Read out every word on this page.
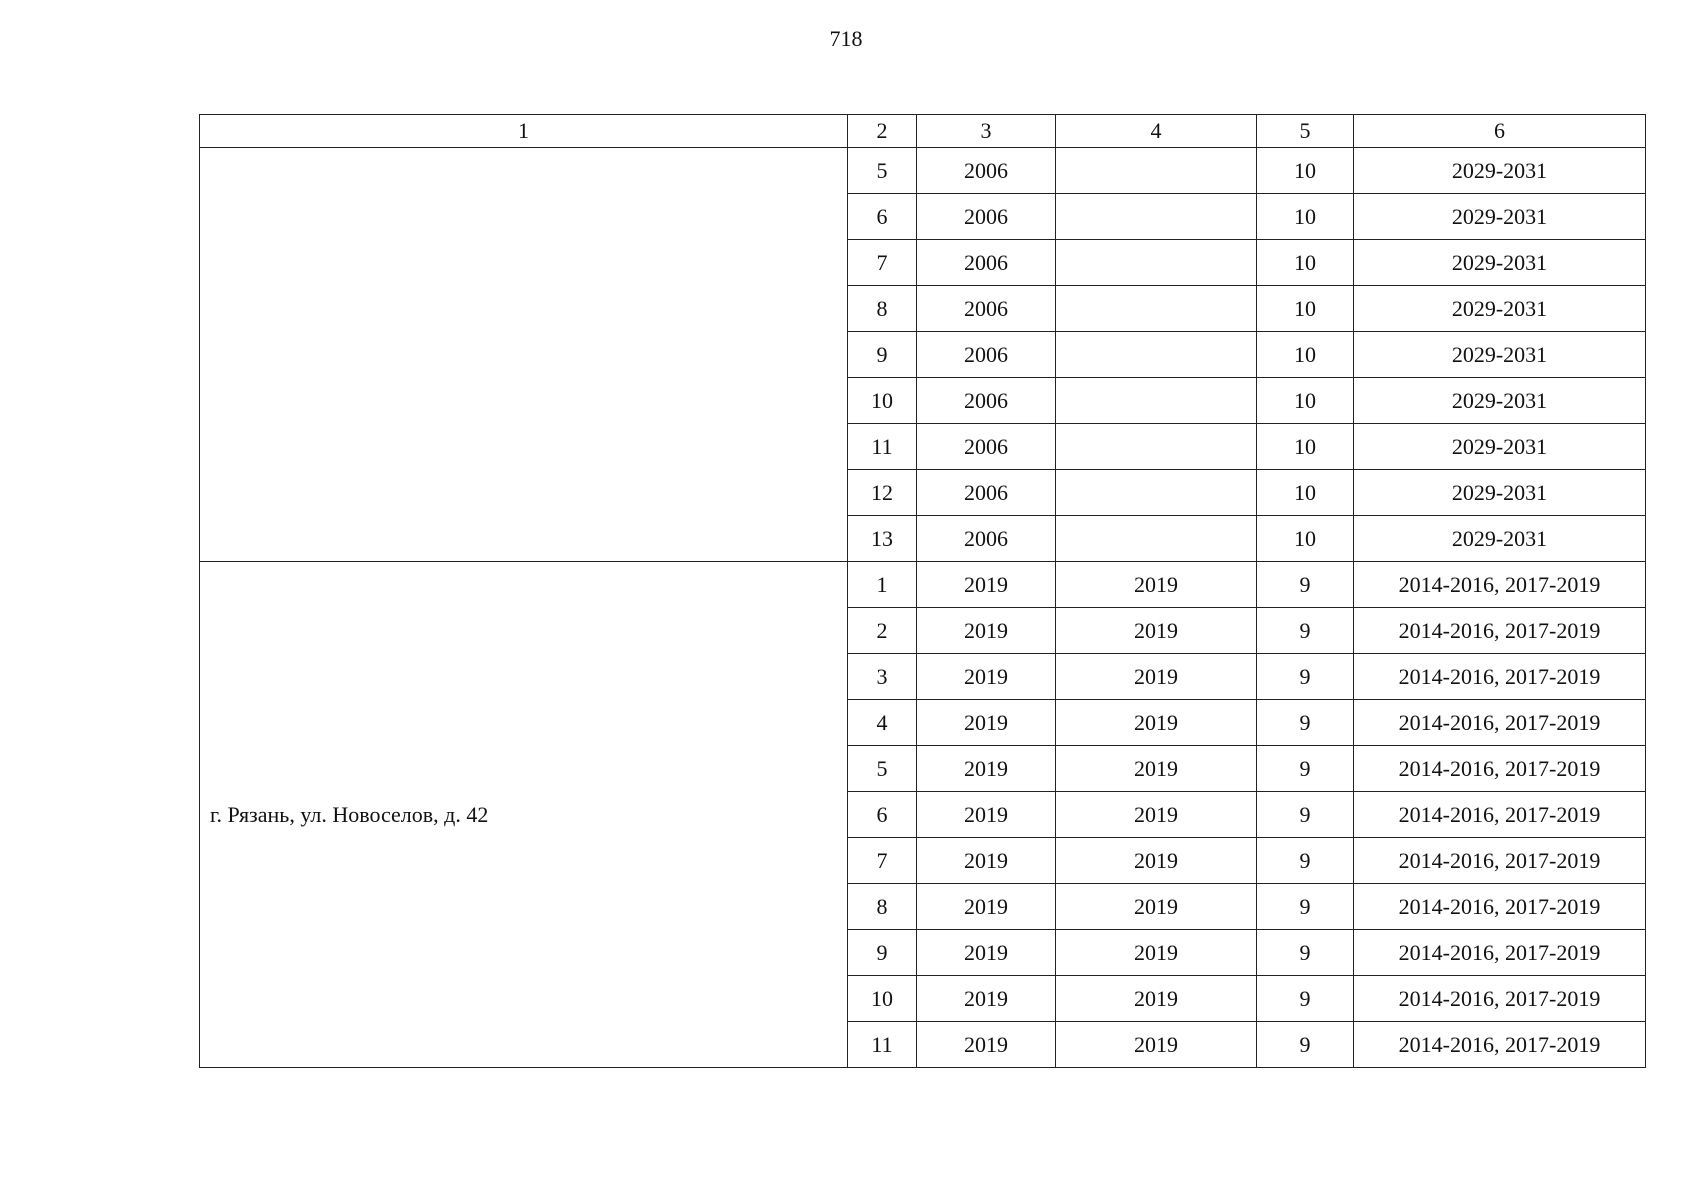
718
1	2	3	4	5	6
	5	2006		10	2029-2031
	6	2006		10	2029-2031
	7	2006		10	2029-2031
	8	2006		10	2029-2031
	9	2006		10	2029-2031
	10	2006		10	2029-2031
	11	2006		10	2029-2031
	12	2006		10	2029-2031
	13	2006		10	2029-2031
г. Рязань, ул. Новоселов, д. 42	1	2019	2019	9	2014-2016, 2017-2019
	2	2019	2019	9	2014-2016, 2017-2019
	3	2019	2019	9	2014-2016, 2017-2019
	4	2019	2019	9	2014-2016, 2017-2019
	5	2019	2019	9	2014-2016, 2017-2019
	6	2019	2019	9	2014-2016, 2017-2019
	7	2019	2019	9	2014-2016, 2017-2019
	8	2019	2019	9	2014-2016, 2017-2019
	9	2019	2019	9	2014-2016, 2017-2019
	10	2019	2019	9	2014-2016, 2017-2019
	11	2019	2019	9	2014-2016, 2017-2019
